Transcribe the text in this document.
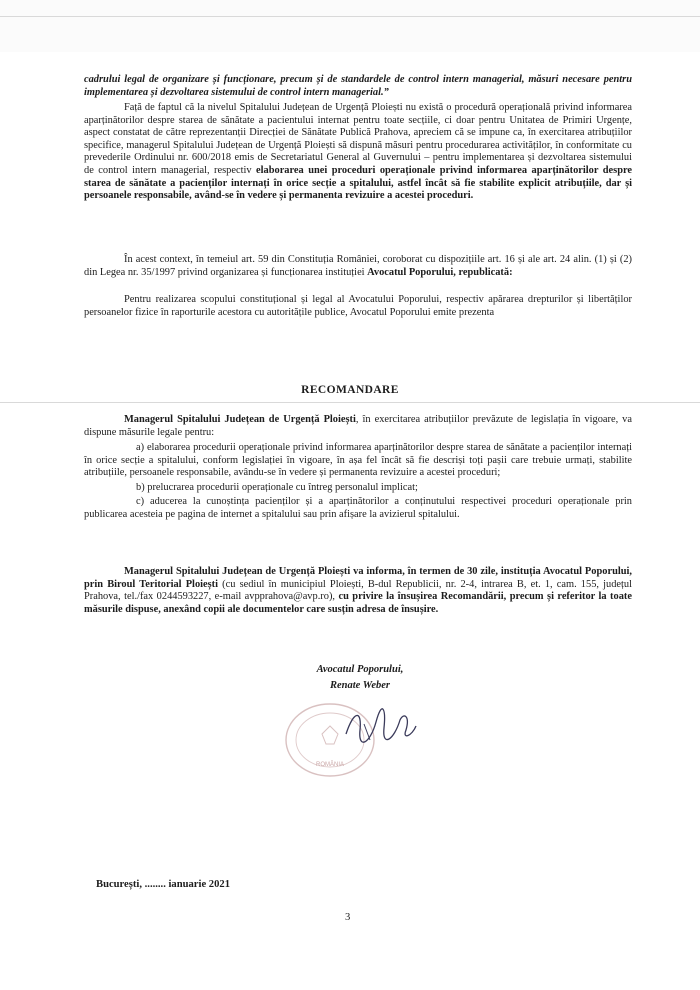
cadrului legal de organizare și funcționare, precum și de standardele de control intern managerial, măsuri necesare pentru implementarea și dezvoltarea sistemului de control intern managerial.”

Față de faptul că la nivelul Spitalului Județean de Urgență Ploiești nu există o procedură operațională privind informarea aparținătorilor despre starea de sănătate a pacientului internat pentru toate secțiile, ci doar pentru Unitatea de Primiri Urgențe, aspect constatat de către reprezentanții Direcției de Sănătate Publică Prahova, apreciem că se impune ca, în exercitarea atribuțiilor specifice, managerul Spitalului Județean de Urgență Ploiești să dispună măsuri pentru procedurarea activităților, în conformitate cu prevederile Ordinului nr. 600/2018 emis de Secretariatul General al Guvernului – pentru implementarea și dezvoltarea sistemului de control intern managerial, respectiv elaborarea unei proceduri operaționale privind informarea aparținătorilor despre starea de sănătate a pacienților internați în orice secție a spitalului, astfel încât să fie stabilite explicit atribuțiile, dar și persoanele responsabile, având-se în vedere și permanenta revizuire a acestei proceduri.

În acest context, în temeiul art. 59 din Constituția României, coroborat cu dispozițiile art. 16 și ale art. 24 alin. (1) și (2) din Legea nr. 35/1997 privind organizarea și funcționarea instituției Avocatul Poporului, republicată:

Pentru realizarea scopului constituțional și legal al Avocatului Poporului, respectiv apărarea drepturilor și libertăților persoanelor fizice în raporturile acestora cu autoritățile publice, Avocatul Poporului emite prezenta

RECOMANDARE

Managerul Spitalului Județean de Urgență Ploiești, în exercitarea atribuțiilor prevăzute de legislația în vigoare, va dispune măsurile legale pentru:

a) elaborarea procedurii operaționale privind informarea aparținătorilor despre starea de sănătate a pacienților internați în orice secție a spitalului, conform legislației în vigoare, în așa fel încât să fie descriși toți pașii care trebuie urmați, stabilite atribuțiile, persoanele responsabile, avându-se în vedere și permanenta revizuire a acestei proceduri;

b) prelucrarea procedurii operaționale cu întreg personalul implicat;

c) aducerea la cunoștința pacienților și a aparținătorilor a conținutului respectivei proceduri operaționale prin publicarea acesteia pe pagina de internet a spitalului sau prin afișare la avizierul spitalului.

Managerul Spitalului Județean de Urgență Ploiești va informa, în termen de 30 zile, instituția Avocatul Poporului, prin Biroul Teritorial Ploiești (cu sediul în municipiul Ploiești, B-dul Republicii, nr. 2-4, intrarea B, et. 1, cam. 155, județul Prahova, tel./fax 0244593227, e-mail avpprahova@avp.ro), cu privire la însușirea Recomandării, precum și referitor la toate măsurile dispuse, anexând copii ale documentelor care susțin adresa de însușire.

Avocatul Poporului,
Renate Weber
ROMÂNIA
București, ........ ianuarie 2021
3
